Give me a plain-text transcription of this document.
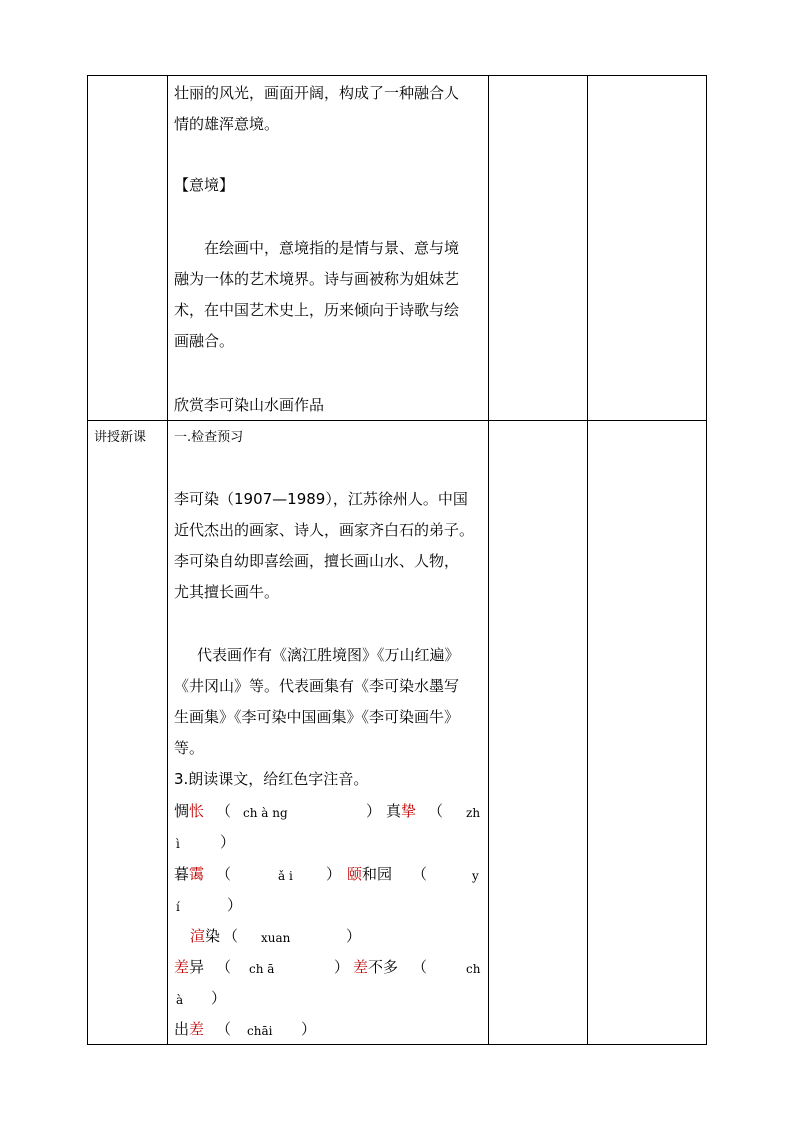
壮丽的风光，画面开阔，构成了一种融合人
情的雄浑意境。
【意境】
在绘画中，意境指的是情与景、意与境
融为一体的艺术境界。诗与画被称为姐妹艺
术，在中国艺术史上，历来倾向于诗歌与绘
画融合。
欣赏李可染山水画作品
讲授新课 一.检查预习
李可染（1907—1989），江苏徐州人。中国
近代杰出的画家、诗人，画家齐白石的弟子。
李可染自幼即喜绘画，擅长画山水、人物，
尤其擅长画牛。
代表画作有《漓江胜境图》《万山红遍》
《井冈山》等。代表画集有《李可染水墨写
生画集》《李可染中国画集》《李可染画牛》
等。
3.朗读课文，给红色字注音。
惆怅 （ ch à ng	） 真挚 （ zh
ì	）
暮霭 （	ǎ i ） 颐和园 （	y
í	）
渲染 （ xuan	）
差异 （ ch ā	） 差不多 （	ch
à ）
出差 （ chāi ）
